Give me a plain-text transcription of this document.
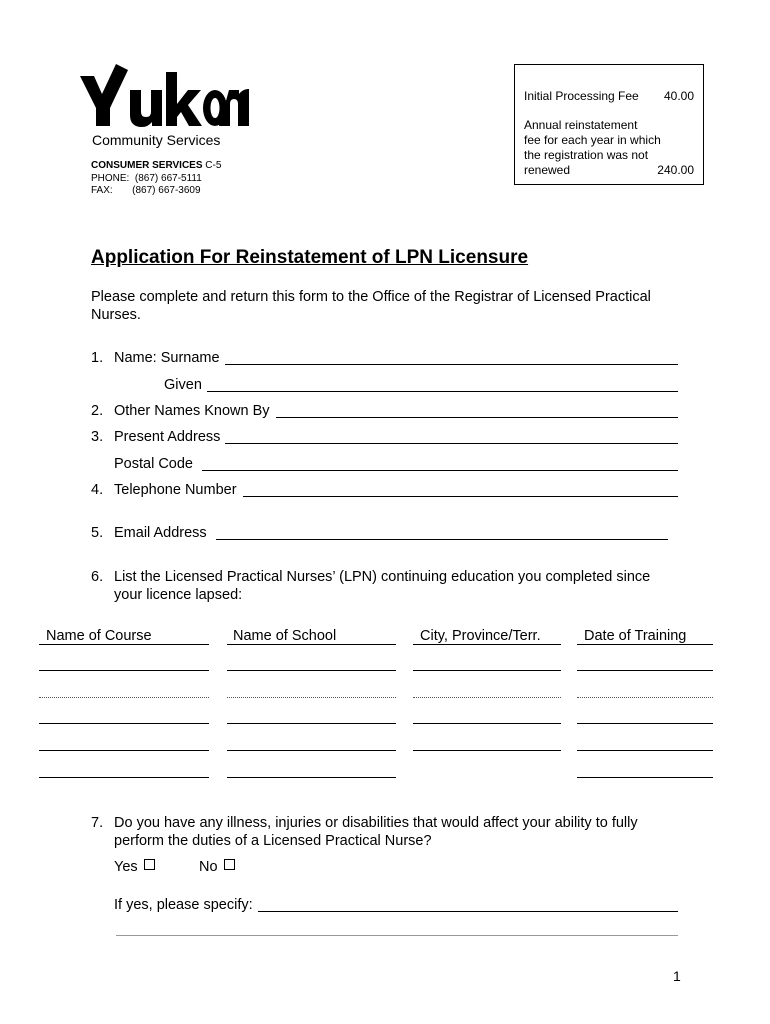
Community Services
CONSUMER SERVICES C-5
PHONE: (867) 667-5111
FAX: (867) 667-3609
Initial Processing Fee 40.00
Annual reinstatement
fee for each year in which
the registration was not
renewed	240.00
Application For Reinstatement of LPN Licensure
Please complete and return this form to the Office of the Registrar of Licensed Practical Nurses.
1. Name: Surname
Given
2. Other Names Known By
3. Present Address
Postal Code
4. Telephone Number
5. Email Address
6. List the Licensed Practical Nurses’ (LPN) continuing education you completed since
your licence lapsed:
Name of Course	Name of School	City, Province/Terr.	Date of Training
7. Do you have any illness, injuries or disabilities that would affect your ability to fully
perform the duties of a Licensed Practical Nurse?
Yes	No
If yes, please specify:
1
